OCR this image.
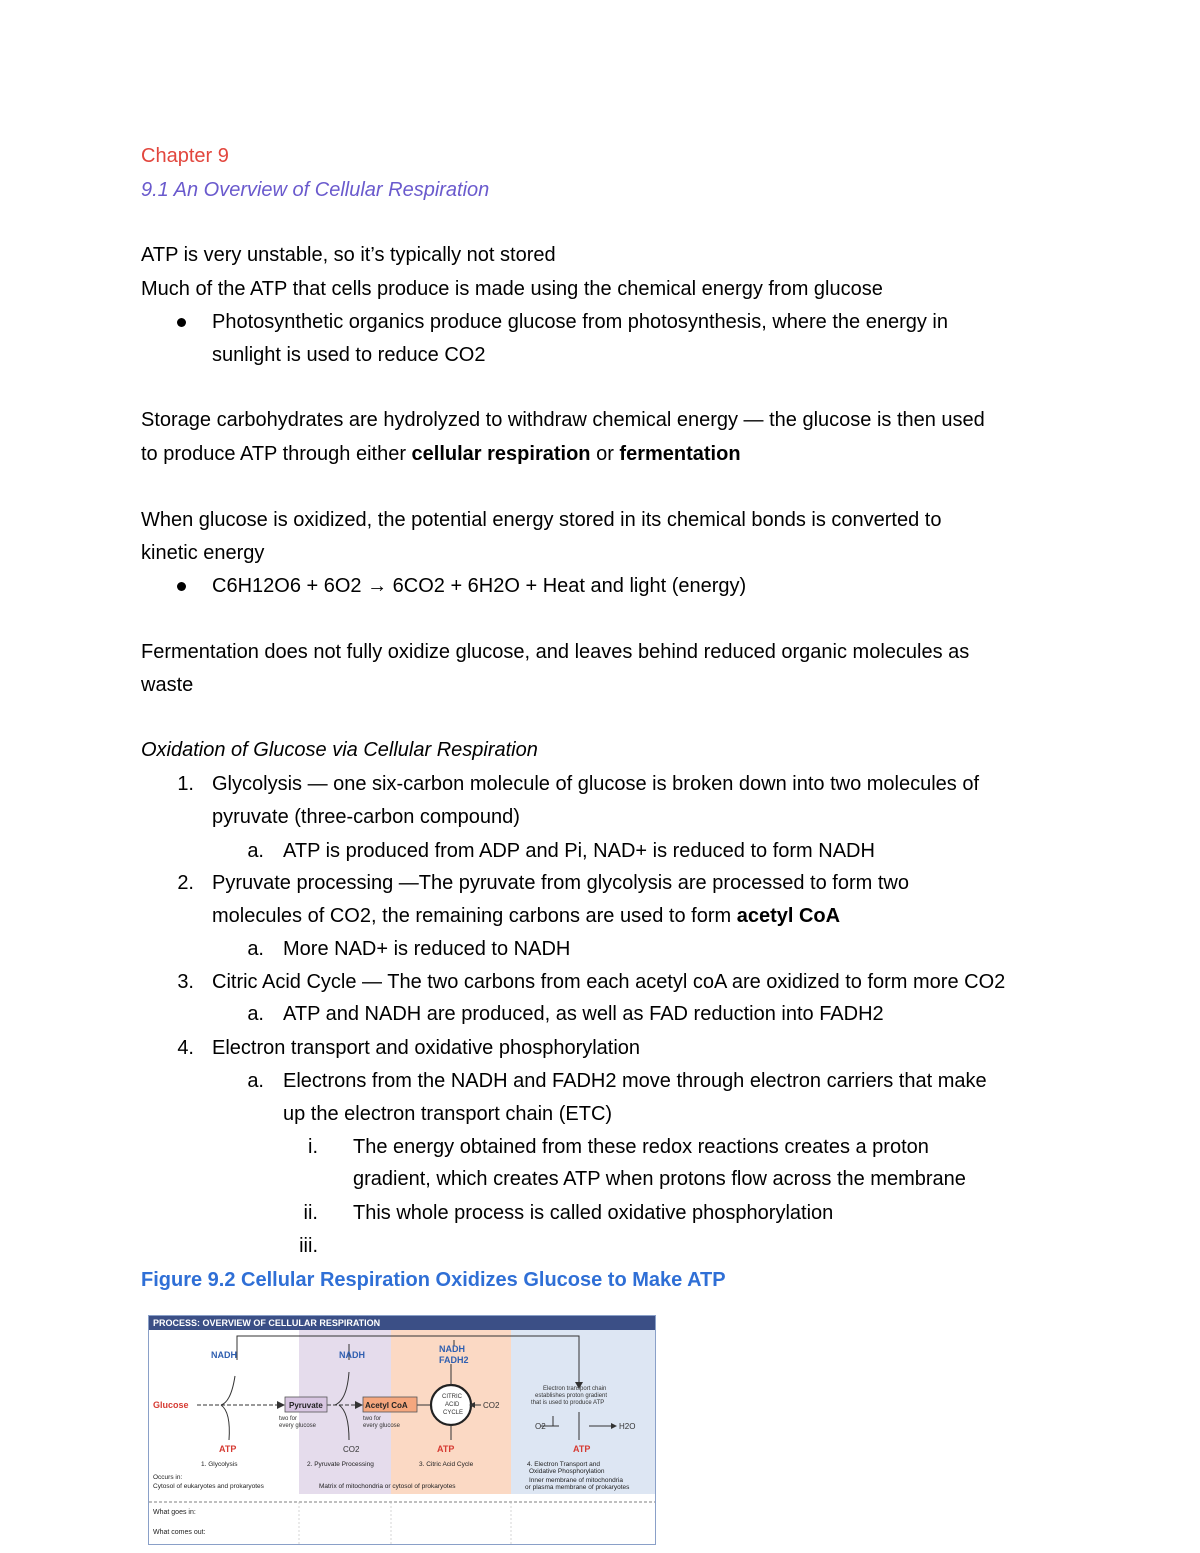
Chapter 9
9.1 An Overview of Cellular Respiration
ATP is very unstable, so it’s typically not stored
Much of the ATP that cells produce is made using the chemical energy from glucose
Photosynthetic organics produce glucose from photosynthesis, where the energy in
sunlight is used to reduce CO2
Storage carbohydrates are hydrolyzed to withdraw chemical energy — the glucose is then used
to produce ATP through either cellular respiration or fermentation
When glucose is oxidized, the potential energy stored in its chemical bonds is converted to
kinetic energy
C6H12O6 + 6O2 → 6CO2 + 6H2O + Heat and light (energy)
Fermentation does not fully oxidize glucose, and leaves behind reduced organic molecules as
waste
Oxidation of Glucose via Cellular Respiration
1. Glycolysis — one six-carbon molecule of glucose is broken down into two molecules of
pyruvate (three-carbon compound)
a. ATP is produced from ADP and Pi, NAD+ is reduced to form NADH
2. Pyruvate processing —The pyruvate from glycolysis are processed to form two
molecules of CO2, the remaining carbons are used to form acetyl CoA
a. More NAD+ is reduced to NADH
3. Citric Acid Cycle — The two carbons from each acetyl coA are oxidized to form more CO2
a. ATP and NADH are produced, as well as FAD reduction into FADH2
4. Electron transport and oxidative phosphorylation
a. Electrons from the NADH and FADH2 move through electron carriers that make
up the electron transport chain (ETC)
i. The energy obtained from these redox reactions creates a proton
gradient, which creates ATP when protons flow across the membrane
ii. This whole process is called oxidative phosphorylation
iii.
Figure 9.2 Cellular Respiration Oxidizes Glucose to Make ATP
NADH	NADH
NADH
FADH2
Glucose	Pyruvate	Acetyl CoA
two for
every glucose
two for
every glucose
CITRIC
ACID
CYCLE
CO2
CO2
ATP	ATP	ATP
Electron transport chain
establishes proton gradient
that is used to produce ATP
O2	H2O
1. Glycolysis	2. Pyruvate Processing	3. Citric Acid Cycle	4. Electron Transport and
Oxidative Phosphorylation
Occurs in:
Cytosol of eukaryotes and prokaryotes	Matrix of mitochondria or cytosol of prokaryotes
Inner membrane of mitochondria
or plasma membrane of prokaryotes
What goes in:
What comes out:
PROCESS: OVERVIEW OF CELLULAR RESPIRATION
